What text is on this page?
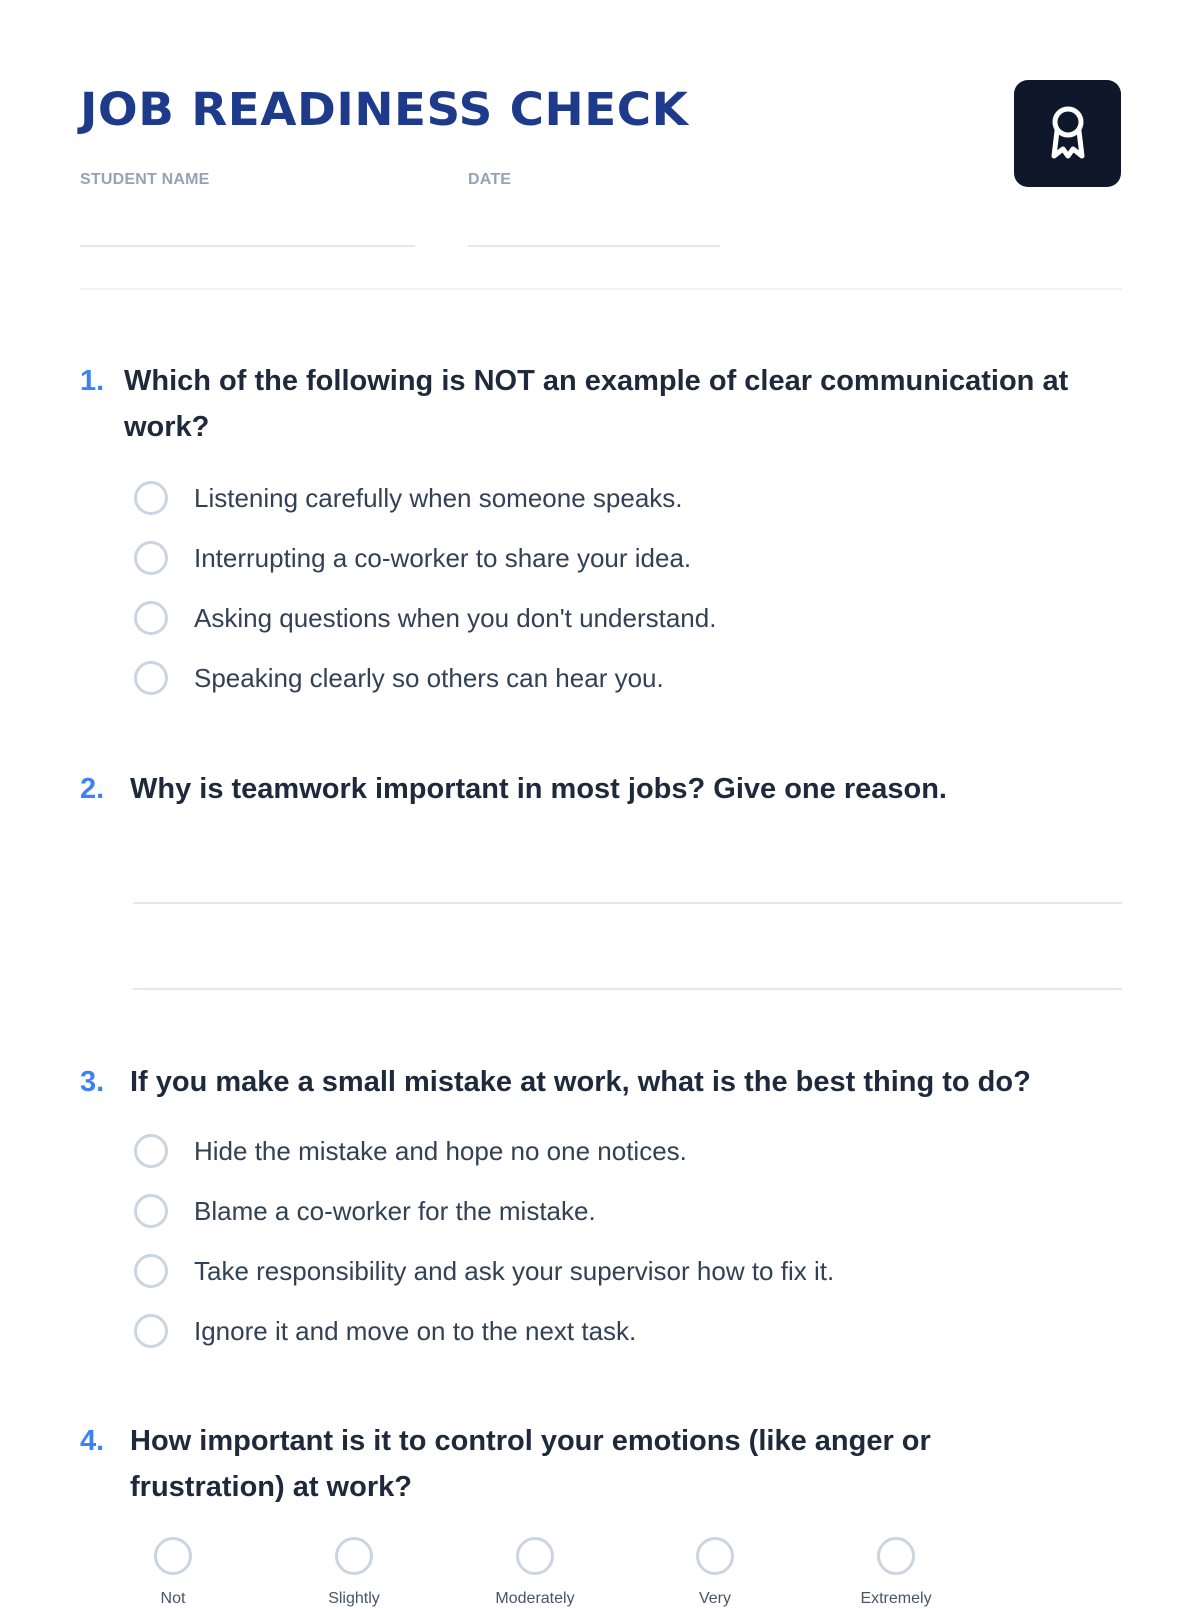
JOB READINESS CHECK
STUDENT NAME	DATE
1. Which of the following is NOT an example of clear communication at work?

Listening carefully when someone speaks.
Interrupting a co-worker to share your idea.
Asking questions when you don't understand.
Speaking clearly so others can hear you.
2. Why is teamwork important in most jobs? Give one reason.

3. If you make a small mistake at work, what is the best thing to do?

Hide the mistake and hope no one notices.
Blame a co-worker for the mistake.
Take responsibility and ask your supervisor how to fix it.
Ignore it and move on to the next task.
4. How important is it to control your emotions (like anger or frustration) at work?

Not	Slightly	Moderately	Very	Extremely
